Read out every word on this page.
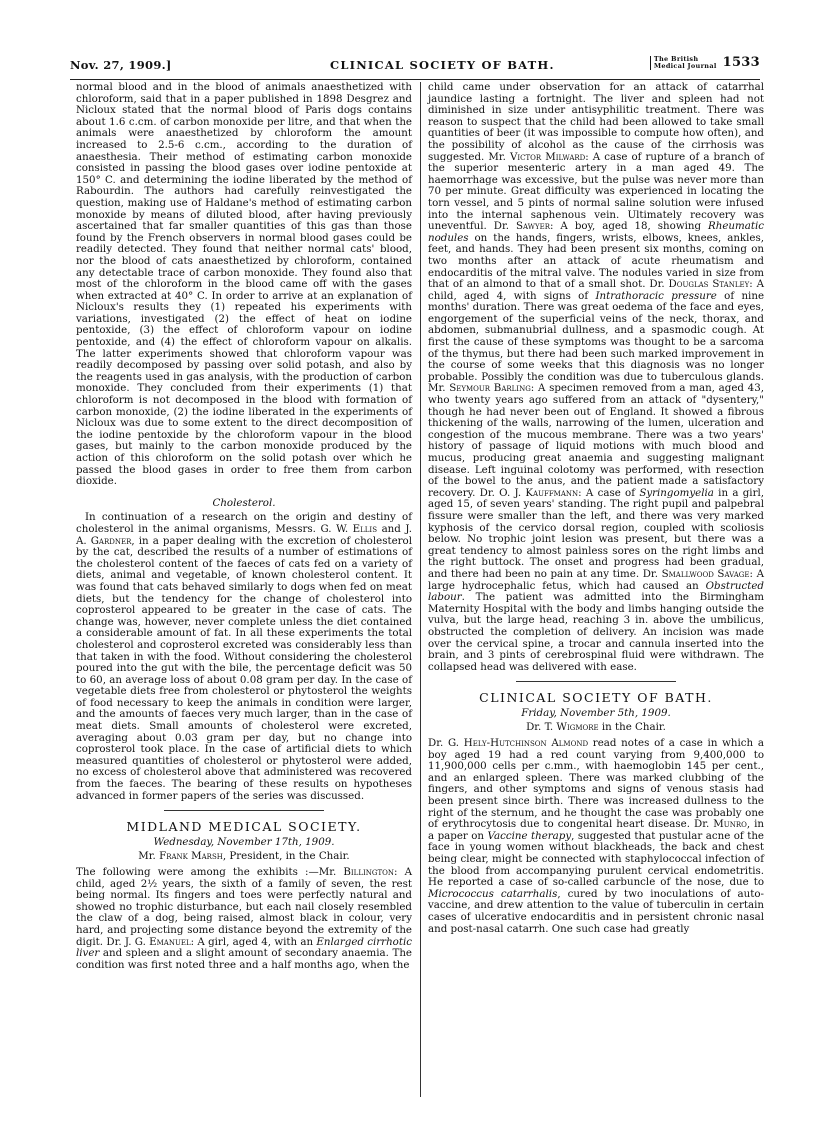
Nov. 27, 1909.]	CLINICAL SOCIETY OF BATH.	The British
Medical Journal 1533

normal blood and in the blood of animals anaesthetized with chloroform, said that in a paper published in 1898 Desgrez and Nicloux stated that the normal blood of Paris dogs contains about 1.6 c.cm. of carbon monoxide per litre, and that when the animals were anaesthetized by chloroform the amount increased to 2.5-6 c.cm., according to the duration of anaesthesia. Their method of estimating carbon monoxide consisted in passing the blood gases over iodine pentoxide at 150° C. and determining the iodine liberated by the method of Rabourdin. The authors had carefully reinvestigated the question, making use of Haldane's method of estimating carbon monoxide by means of diluted blood, after having previously ascertained that far smaller quantities of this gas than those found by the French observers in normal blood gases could be readily detected. They found that neither normal cats' blood, nor the blood of cats anaesthetized by chloroform, contained any detectable trace of carbon monoxide. They found also that most of the chloroform in the blood came off with the gases when extracted at 40° C. In order to arrive at an explanation of Nicloux's results they (1) repeated his experiments with variations, investigated (2) the effect of heat on iodine pentoxide, (3) the effect of chloroform vapour on iodine pentoxide, and (4) the effect of chloroform vapour on alkalis. The latter experiments showed that chloroform vapour was readily decomposed by passing over solid potash, and also by the reagents used in gas analysis, with the production of carbon monoxide. They concluded from their experiments (1) that chloroform is not decomposed in the blood with formation of carbon monoxide, (2) the iodine liberated in the experiments of Nicloux was due to some extent to the direct decomposition of the iodine pentoxide by the chloroform vapour in the blood gases, but mainly to the carbon monoxide produced by the action of this chloroform on the solid potash over which he passed the blood gases in order to free them from carbon dioxide.

Cholesterol.

In continuation of a research on the origin and destiny of cholesterol in the animal organisms, Messrs. G. W. Ellis and J. A. Gardner, in a paper dealing with the excretion of cholesterol by the cat, described the results of a number of estimations of the cholesterol content of the faeces of cats fed on a variety of diets, animal and vegetable, of known cholesterol content. It was found that cats behaved similarly to dogs when fed on meat diets, but the tendency for the change of cholesterol into coprosterol appeared to be greater in the case of cats. The change was, however, never complete unless the diet contained a considerable amount of fat. In all these experiments the total cholesterol and coprosterol excreted was considerably less than that taken in with the food. Without considering the cholesterol poured into the gut with the bile, the percentage deficit was 50 to 60, an average loss of about 0.08 gram per day. In the case of vegetable diets free from cholesterol or phytosterol the weights of food necessary to keep the animals in condition were larger, and the amounts of faeces very much larger, than in the case of meat diets. Small amounts of cholesterol were excreted, averaging about 0.03 gram per day, but no change into coprosterol took place. In the case of artificial diets to which measured quantities of cholesterol or phytosterol were added, no excess of cholesterol above that administered was recovered from the faeces. The bearing of these results on hypotheses advanced in former papers of the series was discussed.

MIDLAND MEDICAL SOCIETY.
Wednesday, November 17th, 1909.
Mr. Frank Marsh, President, in the Chair.

The following were among the exhibits :—Mr. Billington: A child, aged 2½ years, the sixth of a family of seven, the rest being normal. Its fingers and toes were perfectly natural and showed no trophic disturbance, but each nail closely resembled the claw of a dog, being raised, almost black in colour, very hard, and projecting some distance beyond the extremity of the digit. Dr. J. G. Emanuel: A girl, aged 4, with an Enlarged cirrhotic liver and spleen and a slight amount of secondary anaemia. The condition was first noted three and a half months ago, when the

child came under observation for an attack of catarrhal jaundice lasting a fortnight. The liver and spleen had not diminished in size under antisyphilitic treatment. There was reason to suspect that the child had been allowed to take small quantities of beer (it was impossible to compute how often), and the possibility of alcohol as the cause of the cirrhosis was suggested. Mr. Victor Milward: A case of rupture of a branch of the superior mesenteric artery in a man aged 49. The haemorrhage was excessive, but the pulse was never more than 70 per minute. Great difficulty was experienced in locating the torn vessel, and 5 pints of normal saline solution were infused into the internal saphenous vein. Ultimately recovery was uneventful. Dr. Sawyer: A boy, aged 18, showing Rheumatic nodules on the hands, fingers, wrists, elbows, knees, ankles, feet, and hands. They had been present six months, coming on two months after an attack of acute rheumatism and endocarditis of the mitral valve. The nodules varied in size from that of an almond to that of a small shot. Dr. Douglas Stanley: A child, aged 4, with signs of Intrathoracic pressure of nine months' duration. There was great oedema of the face and eyes, engorgement of the superficial veins of the neck, thorax, and abdomen, submanubrial dullness, and a spasmodic cough. At first the cause of these symptoms was thought to be a sarcoma of the thymus, but there had been such marked improvement in the course of some weeks that this diagnosis was no longer probable. Possibly the condition was due to tuberculous glands. Mr. Seymour Barling: A specimen removed from a man, aged 43, who twenty years ago suffered from an attack of "dysentery," though he had never been out of England. It showed a fibrous thickening of the walls, narrowing of the lumen, ulceration and congestion of the mucous membrane. There was a two years' history of passage of liquid motions with much blood and mucus, producing great anaemia and suggesting malignant disease. Left inguinal colotomy was performed, with resection of the bowel to the anus, and the patient made a satisfactory recovery. Dr. O. J. Kauffmann: A case of Syringomyelia in a girl, aged 15, of seven years' standing. The right pupil and palpebral fissure were smaller than the left, and there was very marked kyphosis of the cervico dorsal region, coupled with scoliosis below. No trophic joint lesion was present, but there was a great tendency to almost painless sores on the right limbs and the right buttock. The onset and progress had been gradual, and there had been no pain at any time. Dr. Smallwood Savage: A large hydrocephalic fetus, which had caused an Obstructed labour. The patient was admitted into the Birmingham Maternity Hospital with the body and limbs hanging outside the vulva, but the large head, reaching 3 in. above the umbilicus, obstructed the completion of delivery. An incision was made over the cervical spine, a trocar and cannula inserted into the brain, and 3 pints of cerebrospinal fluid were withdrawn. The collapsed head was delivered with ease.

CLINICAL SOCIETY OF BATH.
Friday, November 5th, 1909.
Dr. T. Wigmore in the Chair.

Dr. G. Hely-Hutchinson Almond read notes of a case in which a boy aged 19 had a red count varying from 9,400,000 to 11,900,000 cells per c.mm., with haemoglobin 145 per cent., and an enlarged spleen. There was marked clubbing of the fingers, and other symptoms and signs of venous stasis had been present since birth. There was increased dullness to the right of the sternum, and he thought the case was probably one of erythrocytosis due to congenital heart disease. Dr. Munro, in a paper on Vaccine therapy, suggested that pustular acne of the face in young women without blackheads, the back and chest being clear, might be connected with staphylococcal infection of the blood from accompanying purulent cervical endometritis. He reported a case of so-called carbuncle of the nose, due to Micrococcus catarrhalis, cured by two inoculations of auto-vaccine, and drew attention to the value of tuberculin in certain cases of ulcerative endocarditis and in persistent chronic nasal and post-nasal catarrh. One such case had greatly
